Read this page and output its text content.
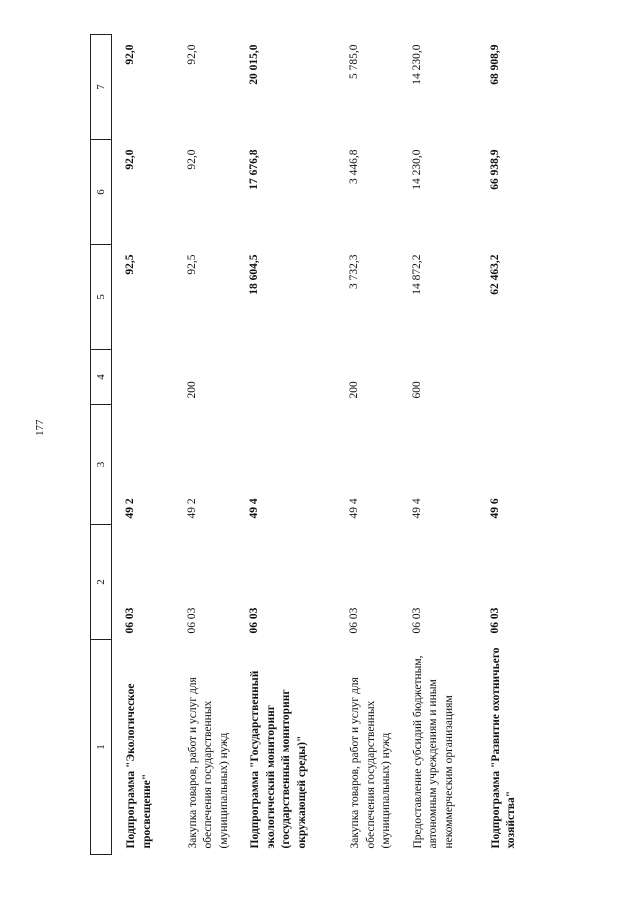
177
1	2	3	4	5	6	7
Подпрограмма "Экологическое просвещение"	06 03	49 2		92,5	92,0	92,0
Закупка товаров, работ и услуг для обеспечения государственных (муниципальных) нужд	06 03	49 2	200	92,5	92,0	92,0
Подпрограмма "Государственный экологический мониторинг (государственный мониторинг окружающей среды)"	06 03	49 4		18 604,5	17 676,8	20 015,0
Закупка товаров, работ и услуг для обеспечения государственных (муниципальных) нужд	06 03	49 4	200	3 732,3	3 446,8	5 785,0
Предоставление субсидий бюджетным, автономным учреждениям и иным некоммерческим организациям	06 03	49 4	600	14 872,2	14 230,0	14 230,0
Подпрограмма "Развитие охотничьего хозяйства"	06 03	49 6		62 463,2	66 938,9	68 908,9
